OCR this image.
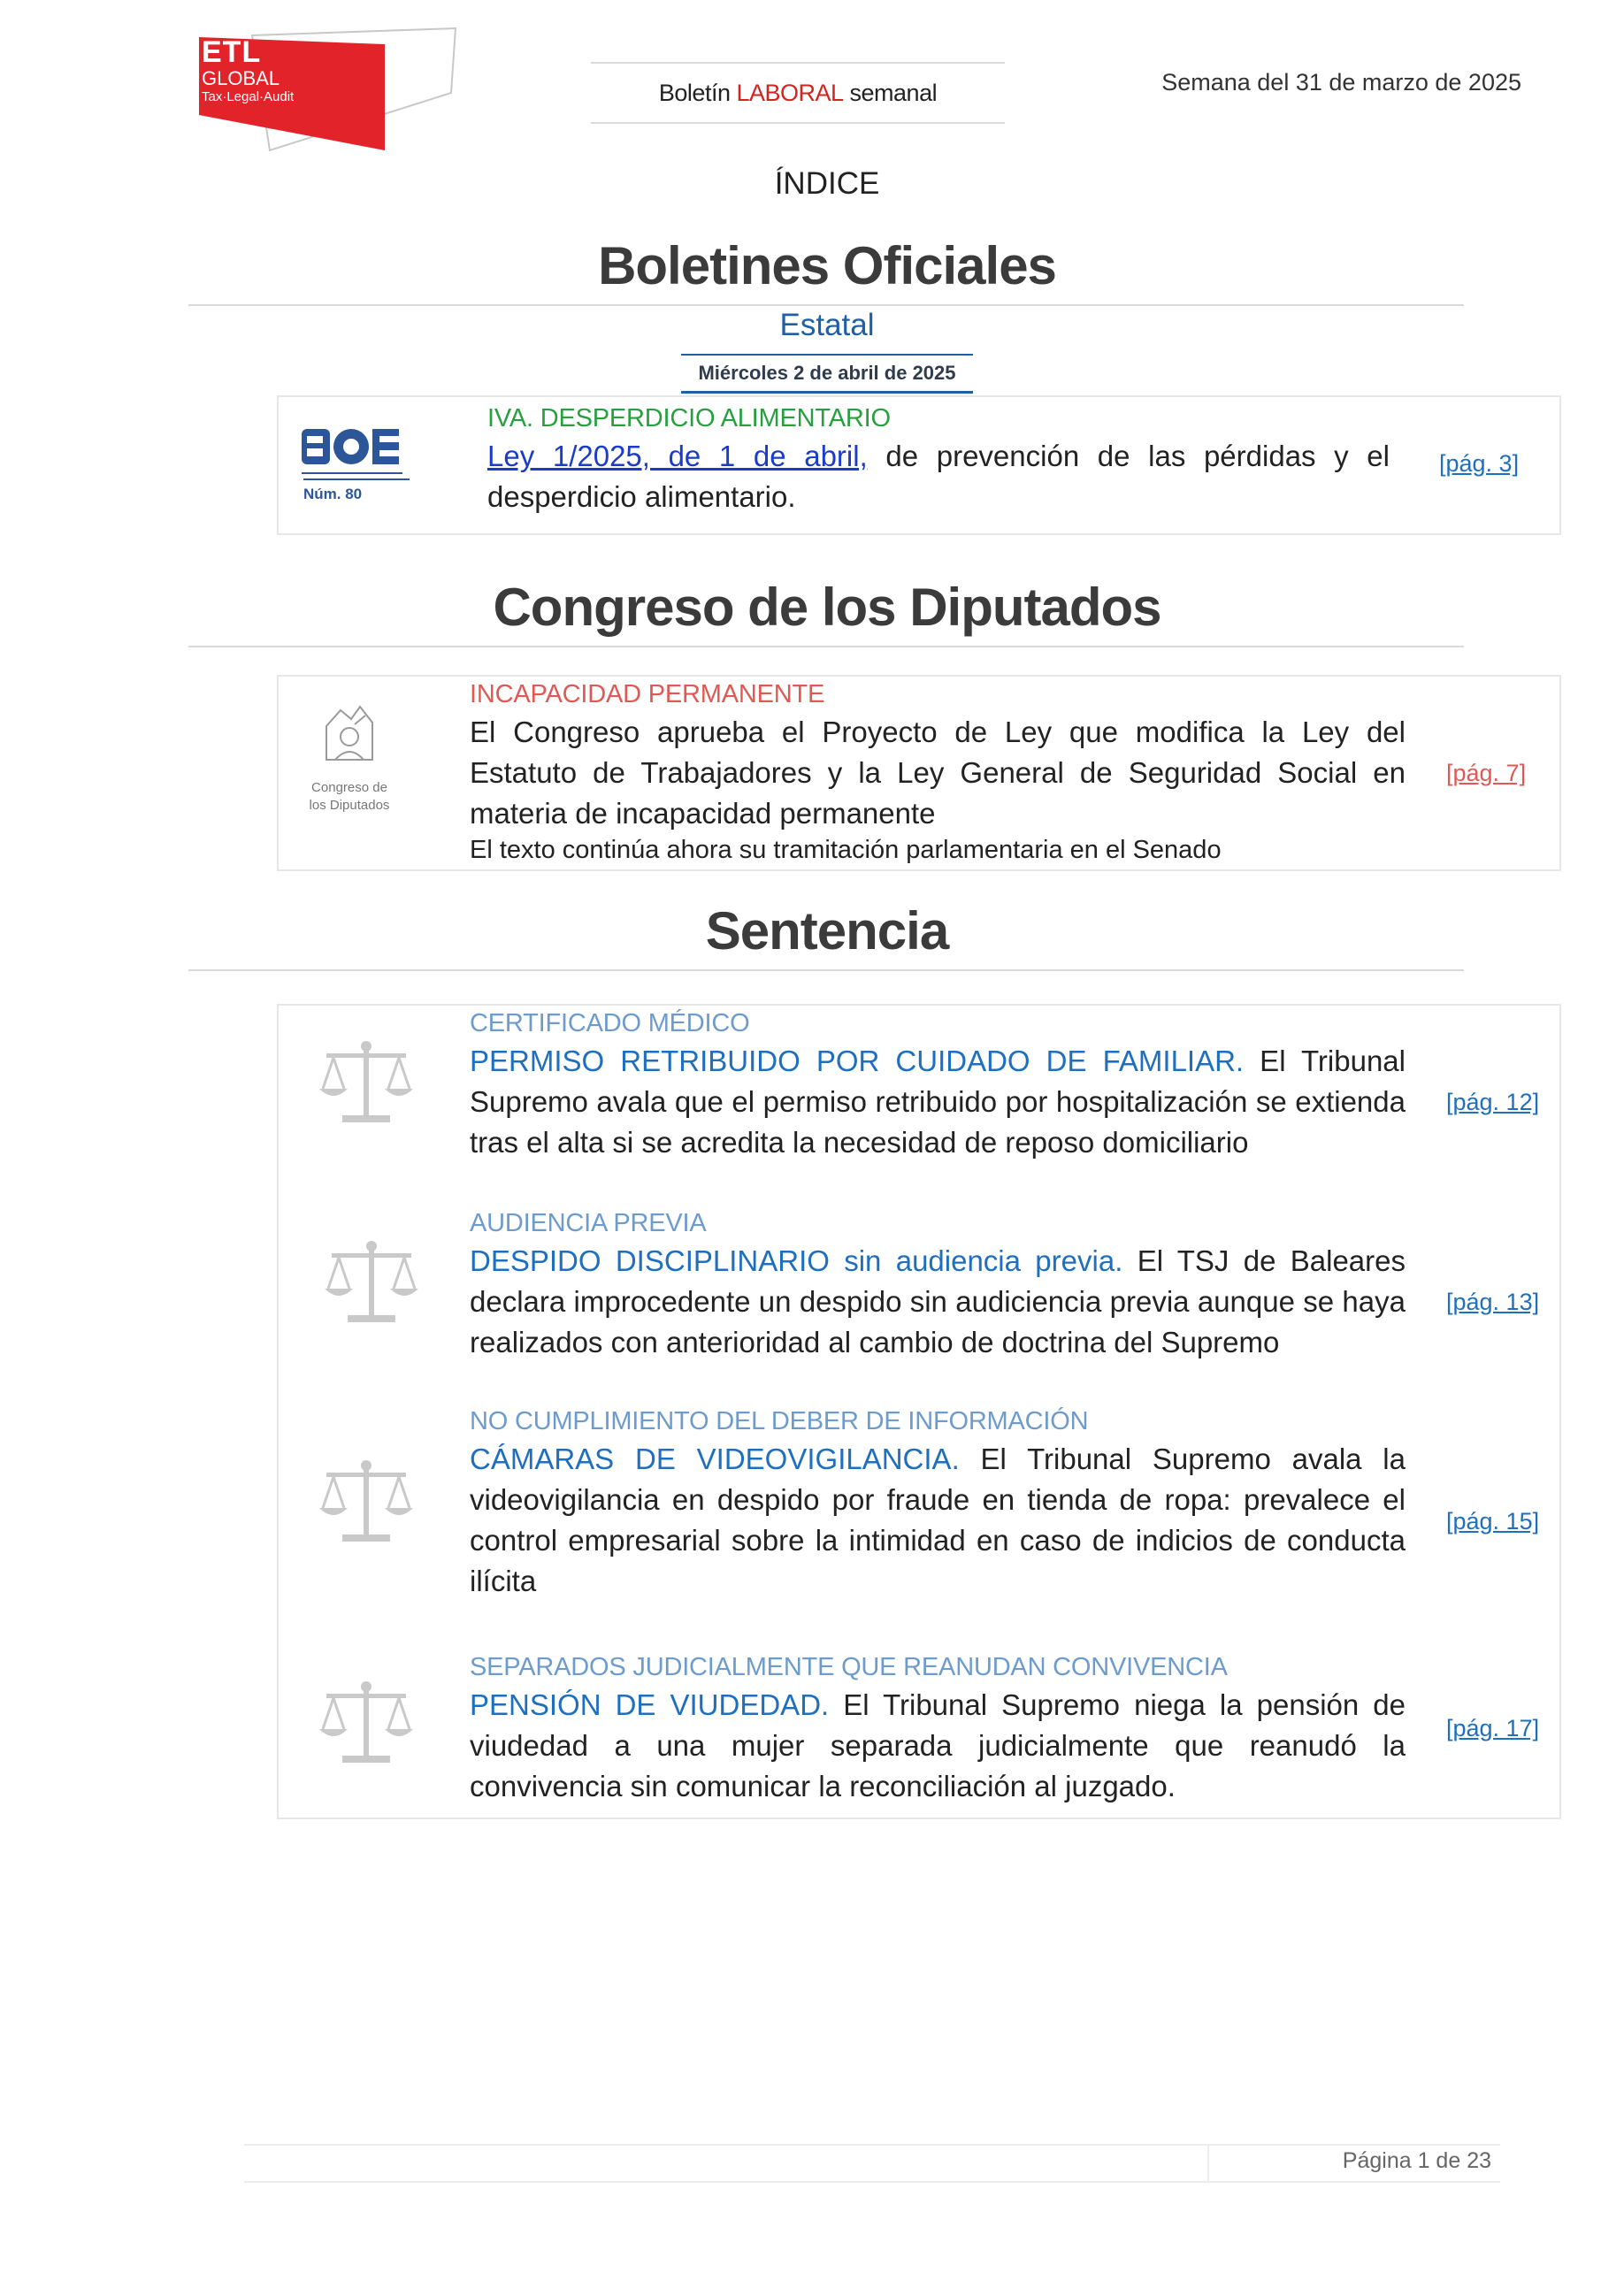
ETL
GLOBAL
Tax·Legal·Audit	Boletín LABORAL semanal	Semana del 31 de marzo de 2025
ÍNDICE
Boletines Oficiales
Estatal
Miércoles 2 de abril de 2025
Núm. 80
IVA. DESPERDICIO ALIMENTARIO
Ley 1/2025, de 1 de abril, de prevención de las pérdidas y el desperdicio alimentario.
[pág. 3]
Congreso de los Diputados
Congreso de
los Diputados
INCAPACIDAD PERMANENTE
El Congreso aprueba el Proyecto de Ley que modifica la Ley del Estatuto de Trabajadores y la Ley General de Seguridad Social en materia de incapacidad permanente
El texto continúa ahora su tramitación parlamentaria en el Senado
[pág. 7]
Sentencia
CERTIFICADO MÉDICO
PERMISO RETRIBUIDO POR CUIDADO DE FAMILIAR. El Tribunal Supremo avala que el permiso retribuido por hospitalización se extienda tras el alta si se acredita la necesidad de reposo domiciliario
[pág. 12]
AUDIENCIA PREVIA
DESPIDO DISCIPLINARIO sin audiencia previa. El TSJ de Baleares declara improcedente un despido sin audiciencia previa aunque se haya realizados con anterioridad al cambio de doctrina del Supremo
[pág. 13]
NO CUMPLIMIENTO DEL DEBER DE INFORMACIÓN
CÁMARAS DE VIDEOVIGILANCIA. El Tribunal Supremo avala la videovigilancia en despido por fraude en tienda de ropa: prevalece el control empresarial sobre la intimidad en caso de indicios de conducta ilícita
[pág. 15]
SEPARADOS JUDICIALMENTE QUE REANUDAN CONVIVENCIA
PENSIÓN DE VIUDEDAD. El Tribunal Supremo niega la pensión de viudedad a una mujer separada judicialmente que reanudó la convivencia sin comunicar la reconciliación al juzgado.
[pág. 17]
Página 1 de 23
